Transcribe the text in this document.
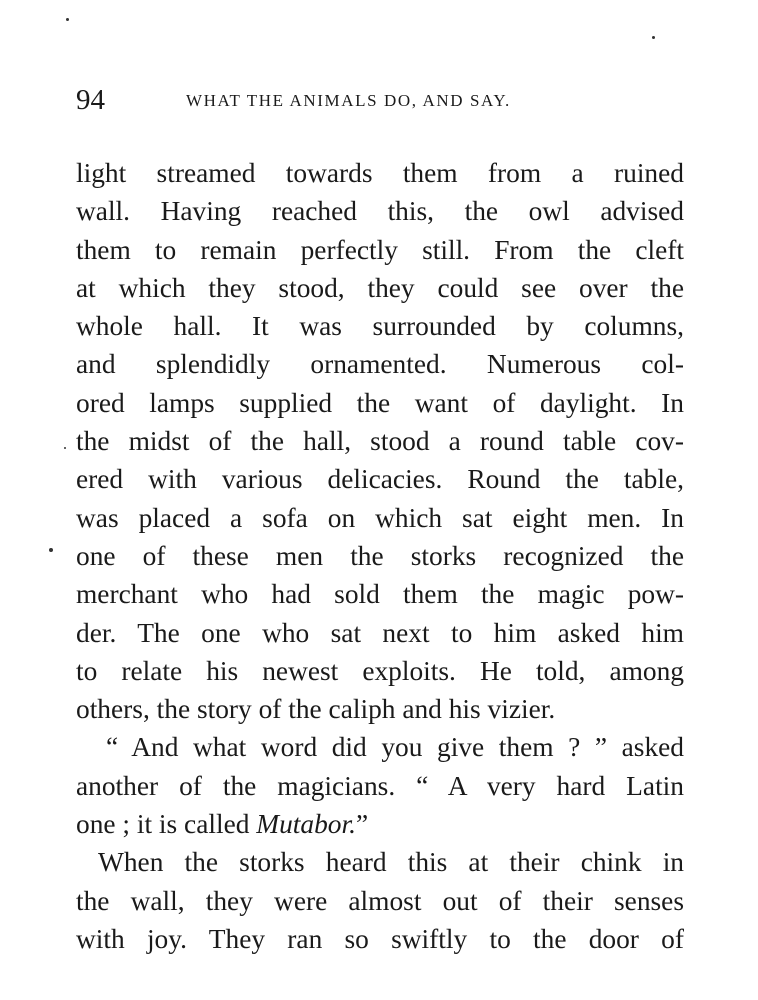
94	WHAT THE ANIMALS DO, AND SAY.
light streamed towards them from a ruined
wall. Having reached this, the owl advised
them to remain perfectly still. From the cleft
at which they stood, they could see over the
whole hall. It was surrounded by columns,
and splendidly ornamented. Numerous col-
ored lamps supplied the want of daylight. In
the midst of the hall, stood a round table cov-
ered with various delicacies. Round the table,
was placed a sofa on which sat eight men. In
one of these men the storks recognized the
merchant who had sold them the magic pow-
der. The one who sat next to him asked him
to relate his newest exploits. He told, among
others, the story of the caliph and his vizier.
“ And what word did you give them ? ” asked
another of the magicians. “ A very hard Latin
one ; it is called Mutabor.”
When the storks heard this at their chink in
the wall, they were almost out of their senses
with joy. They ran so swiftly to the door of
